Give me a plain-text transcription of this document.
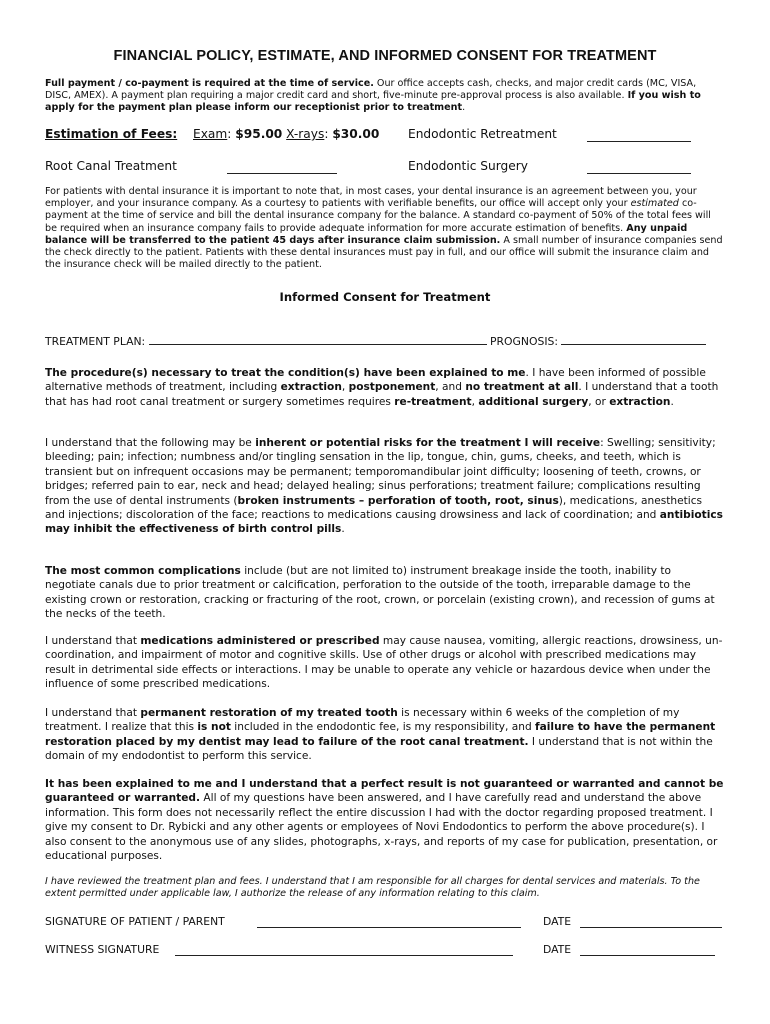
FINANCIAL POLICY, ESTIMATE, AND INFORMED CONSENT FOR TREATMENT

Full payment / co-payment is required at the time of service. Our office accepts cash, checks, and major credit cards (MC, VISA, DISC, AMEX). A payment plan requiring a major credit card and short, five-minute pre-approval process is also available. If you wish to apply for the payment plan please inform our receptionist prior to treatment.

Estimation of Fees: Exam: $95.00 X-rays: $30.00 Endodontic Retreatment
Root Canal Treatment	Endodontic Surgery

For patients with dental insurance it is important to note that, in most cases, your dental insurance is an agreement between you, your employer, and your insurance company. As a courtesy to patients with verifiable benefits, our office will accept only your estimated co-payment at the time of service and bill the dental insurance company for the balance. A standard co-payment of 50% of the total fees will be required when an insurance company fails to provide adequate information for more accurate estimation of benefits. Any unpaid balance will be transferred to the patient 45 days after insurance claim submission. A small number of insurance companies send the check directly to the patient. Patients with these dental insurances must pay in full, and our office will submit the insurance claim and the insurance check will be mailed directly to the patient.

Informed Consent for Treatment
TREATMENT PLAN:	PROGNOSIS:

The procedure(s) necessary to treat the condition(s) have been explained to me. I have been informed of possible alternative methods of treatment, including extraction, postponement, and no treatment at all. I understand that a tooth that has had root canal treatment or surgery sometimes requires re-treatment, additional surgery, or extraction.

I understand that the following may be inherent or potential risks for the treatment I will receive: Swelling; sensitivity; bleeding; pain; infection; numbness and/or tingling sensation in the lip, tongue, chin, gums, cheeks, and teeth, which is transient but on infrequent occasions may be permanent; temporomandibular joint difficulty; loosening of teeth, crowns, or bridges; referred pain to ear, neck and head; delayed healing; sinus perforations; treatment failure; complications resulting from the use of dental instruments (broken instruments – perforation of tooth, root, sinus), medications, anesthetics and injections; discoloration of the face; reactions to medications causing drowsiness and lack of coordination; and antibiotics may inhibit the effectiveness of birth control pills.

The most common complications include (but are not limited to) instrument breakage inside the tooth, inability to negotiate canals due to prior treatment or calcification, perforation to the outside of the tooth, irreparable damage to the existing crown or restoration, cracking or fracturing of the root, crown, or porcelain (existing crown), and recession of gums at the necks of the teeth.

I understand that medications administered or prescribed may cause nausea, vomiting, allergic reactions, drowsiness, un-coordination, and impairment of motor and cognitive skills. Use of other drugs or alcohol with prescribed medications may result in detrimental side effects or interactions. I may be unable to operate any vehicle or hazardous device when under the influence of some prescribed medications.

I understand that permanent restoration of my treated tooth is necessary within 6 weeks of the completion of my treatment. I realize that this is not included in the endodontic fee, is my responsibility, and failure to have the permanent restoration placed by my dentist may lead to failure of the root canal treatment. I understand that is not within the domain of my endodontist to perform this service.

It has been explained to me and I understand that a perfect result is not guaranteed or warranted and cannot be guaranteed or warranted. All of my questions have been answered, and I have carefully read and understand the above information. This form does not necessarily reflect the entire discussion I had with the doctor regarding proposed treatment. I give my consent to Dr. Rybicki and any other agents or employees of Novi Endodontics to perform the above procedure(s). I also consent to the anonymous use of any slides, photographs, x-rays, and reports of my case for publication, presentation, or educational purposes.

I have reviewed the treatment plan and fees. I understand that I am responsible for all charges for dental services and materials. To the extent permitted under applicable law, I authorize the release of any information relating to this claim.

SIGNATURE OF PATIENT / PARENT	DATE
WITNESS SIGNATURE	DATE
